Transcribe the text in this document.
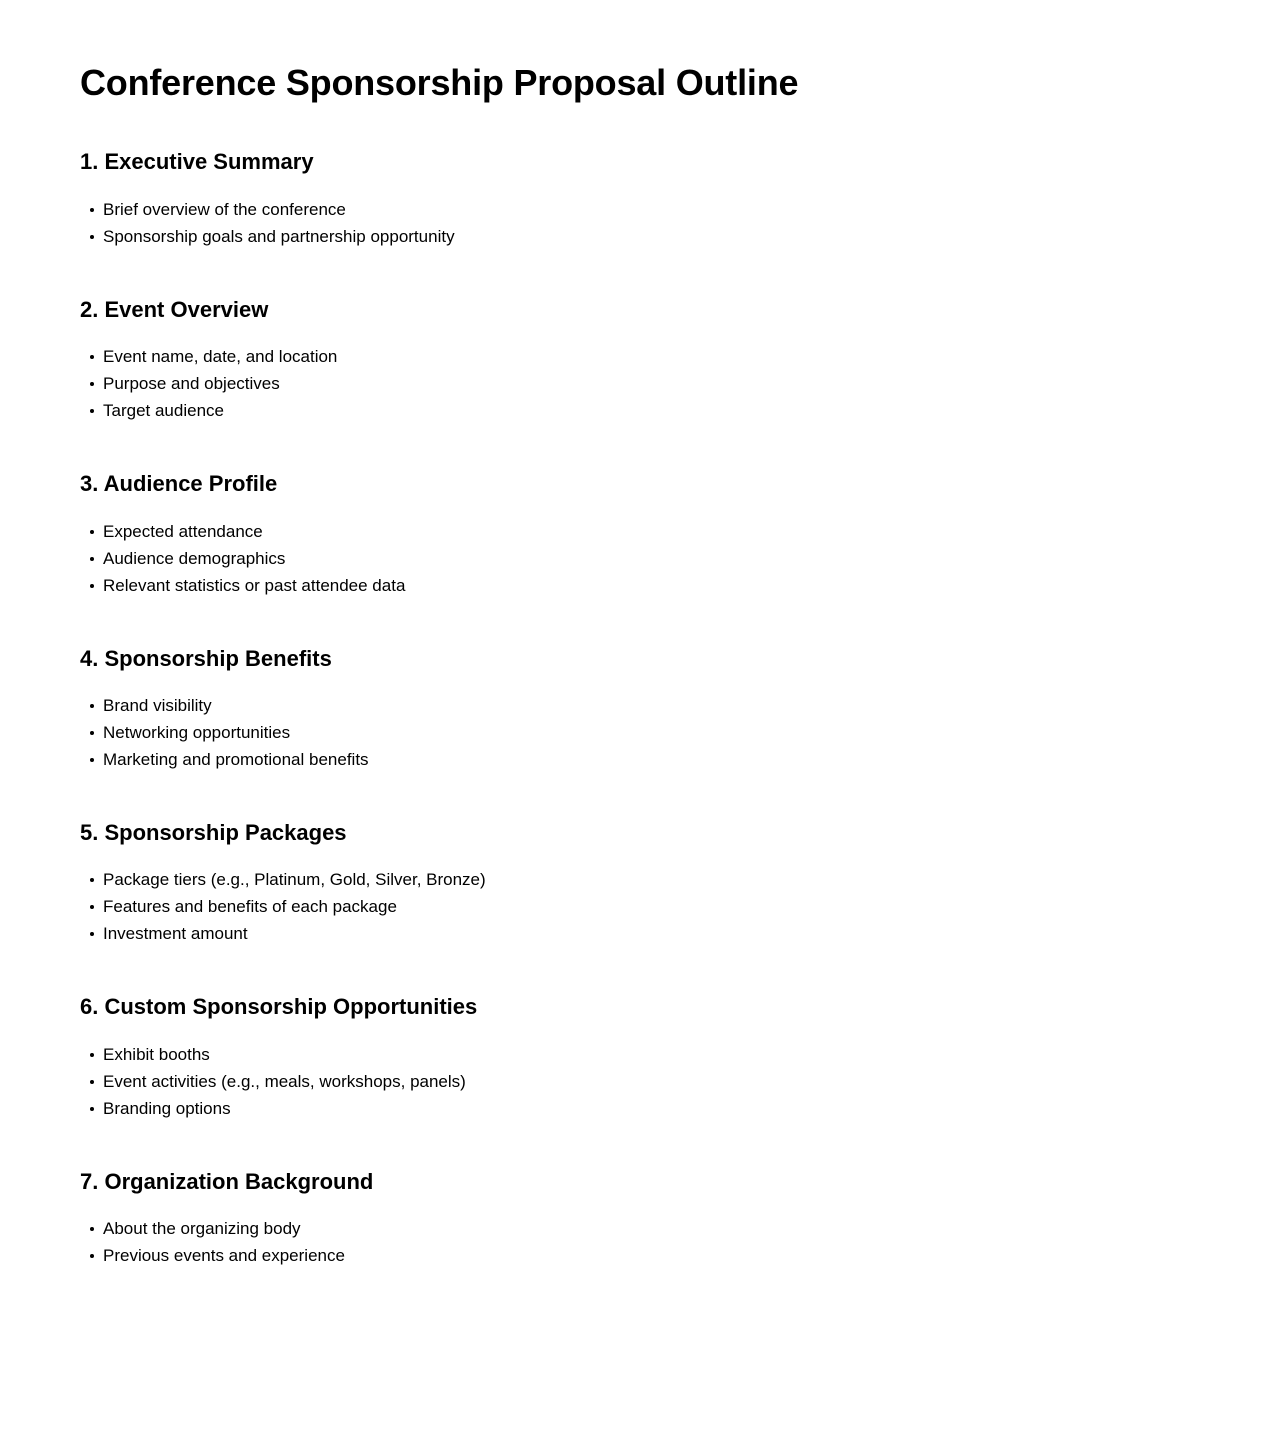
Conference Sponsorship Proposal Outline
1. Executive Summary
Brief overview of the conference
Sponsorship goals and partnership opportunity
2. Event Overview
Event name, date, and location
Purpose and objectives
Target audience
3. Audience Profile
Expected attendance
Audience demographics
Relevant statistics or past attendee data
4. Sponsorship Benefits
Brand visibility
Networking opportunities
Marketing and promotional benefits
5. Sponsorship Packages
Package tiers (e.g., Platinum, Gold, Silver, Bronze)
Features and benefits of each package
Investment amount
6. Custom Sponsorship Opportunities
Exhibit booths
Event activities (e.g., meals, workshops, panels)
Branding options
7. Organization Background
About the organizing body
Previous events and experience
